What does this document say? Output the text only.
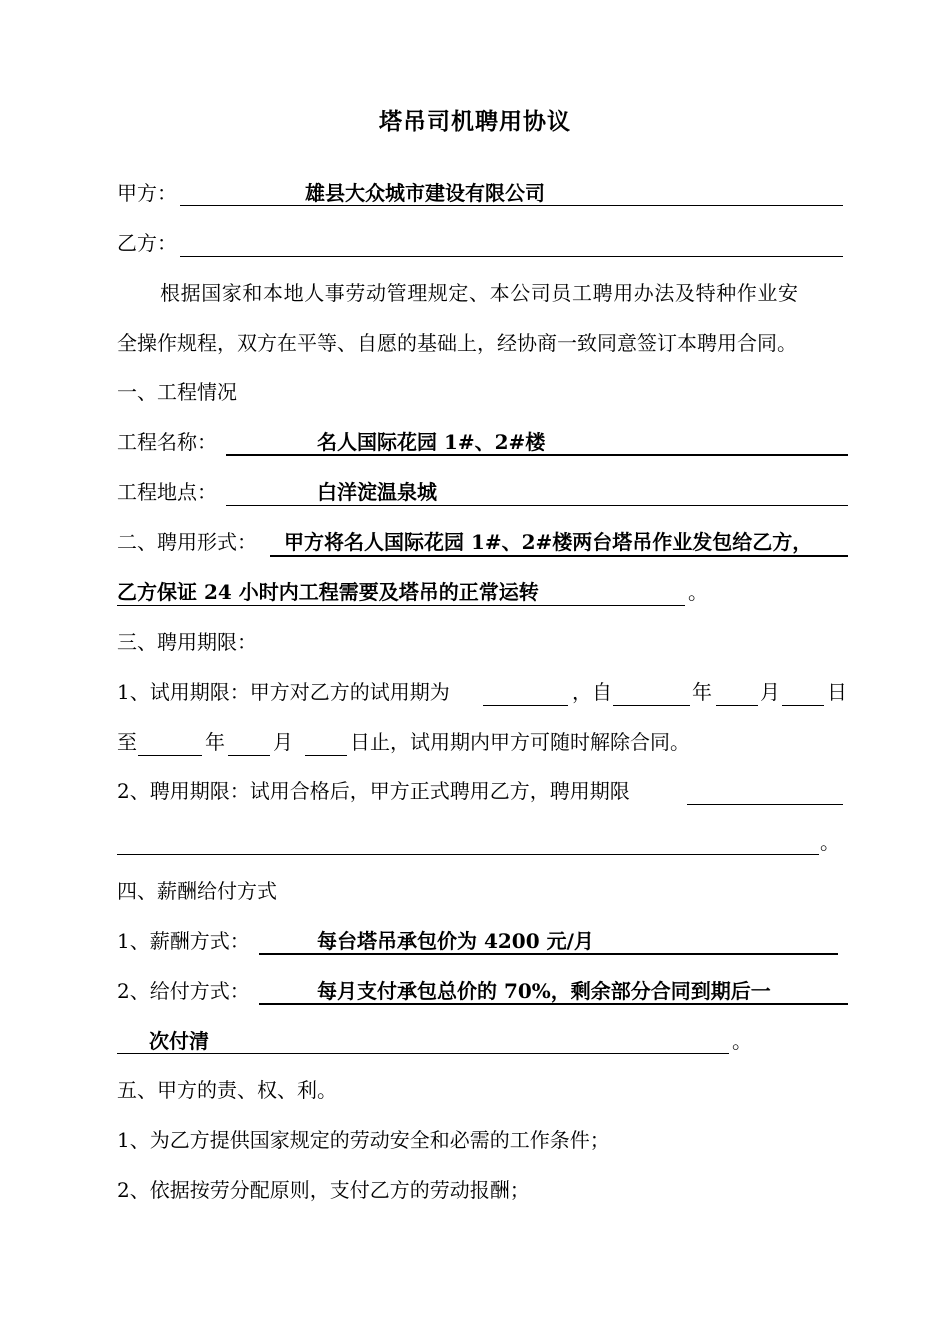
塔吊司机聘用协议
甲方：	雄县大众城市建设有限公司
乙方：
根据国家和本地人事劳动管理规定、本公司员工聘用办法及特种作业安
全操作规程，双方在平等、自愿的基础上，经协商一致同意签订本聘用合同。
一、工程情况
工程名称：	名人国际花园 1#、2#楼
工程地点：	白洋淀温泉城
二、聘用形式： 甲方将名人国际花园 1#、2#楼两台塔吊作业发包给乙方，
乙方保证 24 小时内工程需要及塔吊的正常运转	。
三、聘用期限：
1、试用期限：甲方对乙方的试用期为	，自	年 月 日
至	年 月	日止，试用期内甲方可随时解除合同。
2、聘用期限：试用合格后，甲方正式聘用乙方，聘用期限
。
四、薪酬给付方式
1、薪酬方式：	每台塔吊承包价为 4200 元/月
2、给付方式：	每月支付承包总价的 70%，剩余部分合同到期后一
次付清	。
五、甲方的责、权、利。
1、为乙方提供国家规定的劳动安全和必需的工作条件；
2、依据按劳分配原则，支付乙方的劳动报酬；
